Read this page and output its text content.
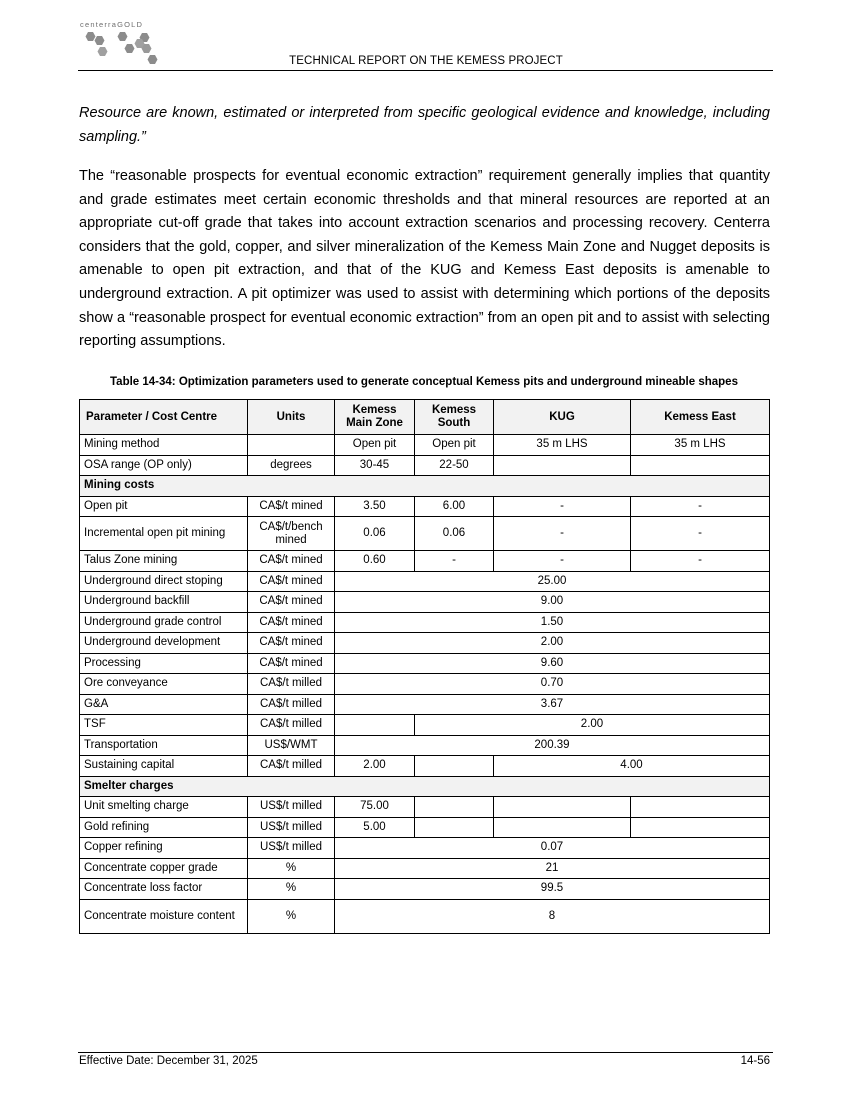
centerraGOLD
TECHNICAL REPORT ON THE KEMESS PROJECT

Resource are known, estimated or interpreted from specific geological evidence and knowledge, including sampling.”

The “reasonable prospects for eventual economic extraction” requirement generally implies that quantity and grade estimates meet certain economic thresholds and that mineral resources are reported at an appropriate cut-off grade that takes into account extraction scenarios and processing recovery. Centerra considers that the gold, copper, and silver mineralization of the Kemess Main Zone and Nugget deposits is amenable to open pit extraction, and that of the KUG and Kemess East deposits is amenable to underground extraction. A pit optimizer was used to assist with determining which portions of the deposits show a “reasonable prospect for eventual economic extraction” from an open pit and to assist with selecting reporting assumptions.

Table 14-34: Optimization parameters used to generate conceptual Kemess pits and underground mineable shapes
Parameter / Cost Centre	Units	Kemess Main Zone	Kemess South	KUG	Kemess East
Mining method		Open pit	Open pit	35 m LHS	35 m LHS
OSA range (OP only)	degrees	30-45	22-50		
Mining costs					
Open pit	CA$/t mined	3.50	6.00	-	-
Incremental open pit mining	CA$/t/bench mined	0.06	0.06	-	-
Talus Zone mining	CA$/t mined	0.60	-	-	-
Underground direct stoping	CA$/t mined	25.00			
Underground backfill	CA$/t mined	9.00			
Underground grade control	CA$/t mined	1.50			
Underground development	CA$/t mined	2.00			
Processing	CA$/t mined	9.60			
Ore conveyance	CA$/t milled	0.70			
G&A	CA$/t milled	3.67			
TSF	CA$/t milled		2.00		
Transportation	US$/WMT	200.39			
Sustaining capital	CA$/t milled	2.00		4.00	
Smelter charges					
Unit smelting charge	US$/t milled	75.00			
Gold refining	US$/t milled	5.00			
Copper refining	US$/t milled	0.07			
Concentrate copper grade	%	21			
Concentrate loss factor	%	99.5			
Concentrate moisture content	%	8			
Effective Date: December 31, 2025	14-56
